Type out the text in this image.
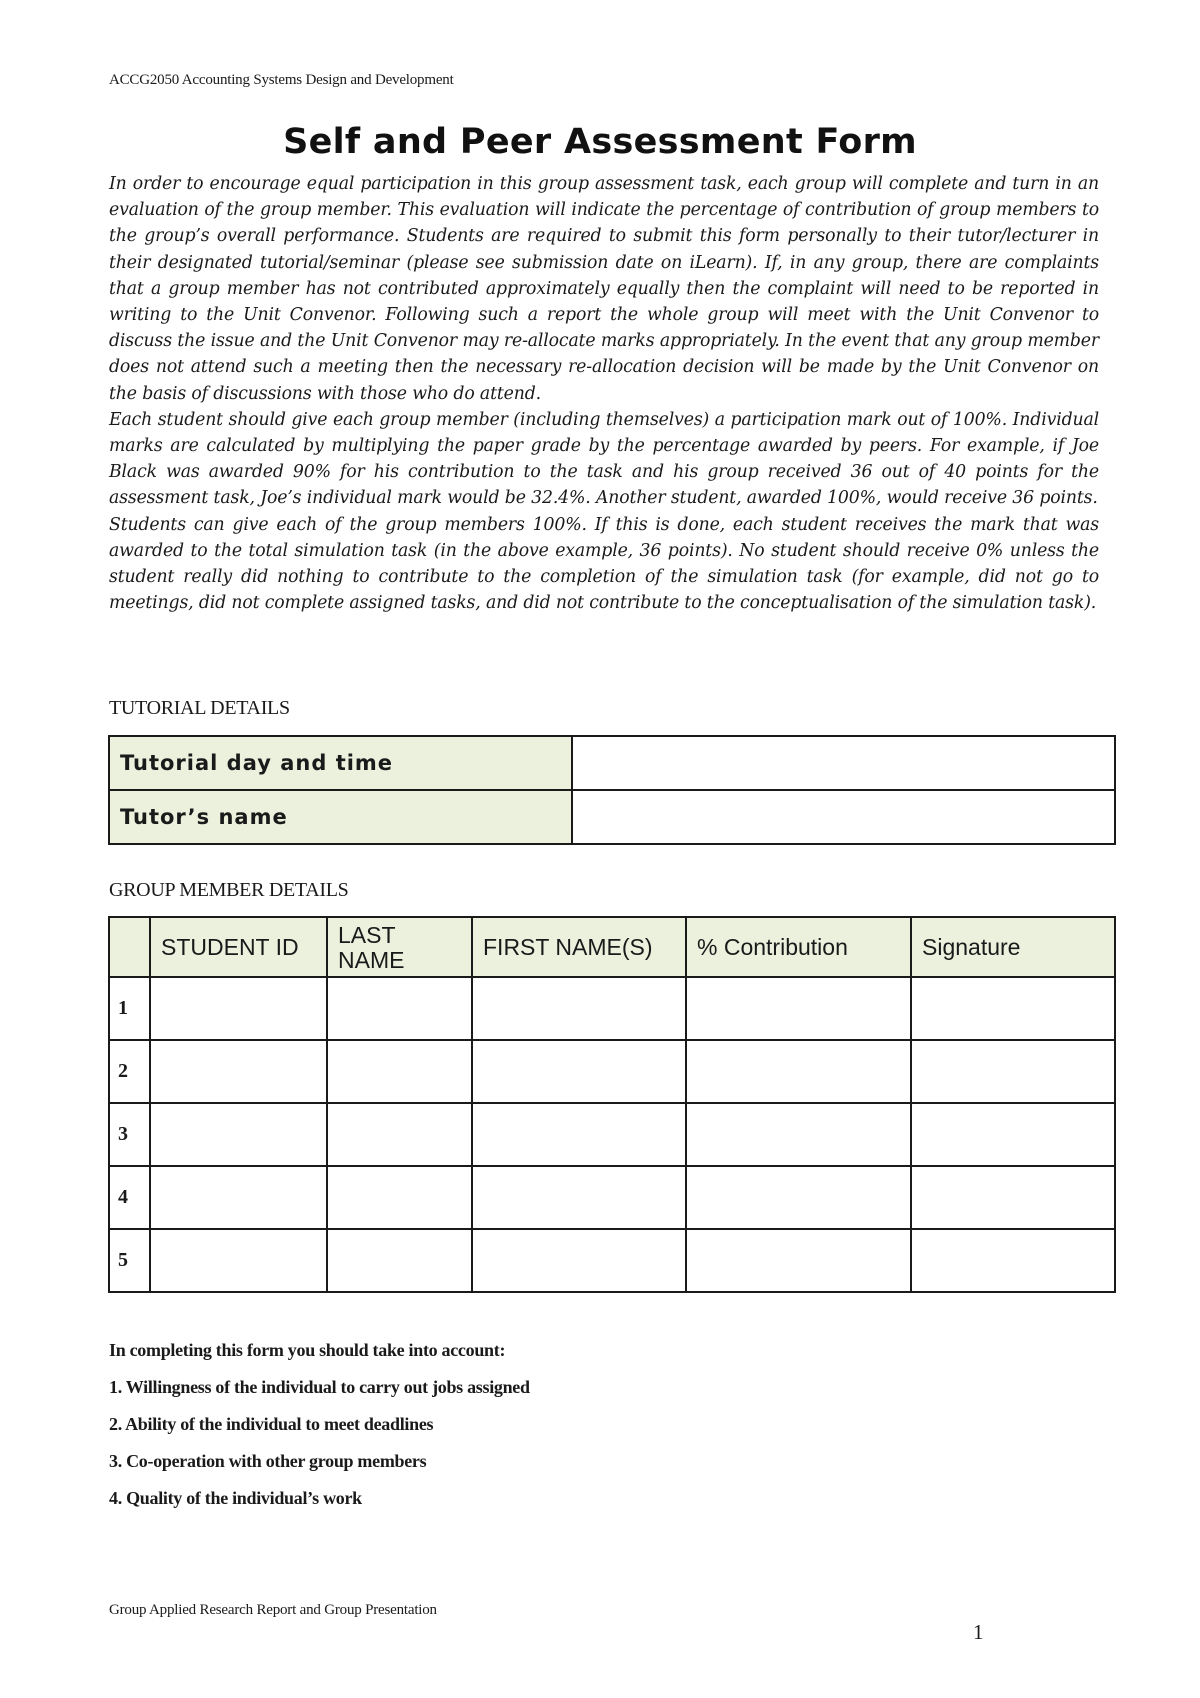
ACCG2050 Accounting Systems Design and Development
Self and Peer Assessment Form

In order to encourage equal participation in this group assessment task, each group will complete and turn in an evaluation of the group member. This evaluation will indicate the percentage of contribution of group members to the group’s overall performance. Students are required to submit this form personally to their tutor/lecturer in their designated tutorial/seminar (please see submission date on iLearn). If, in any group, there are complaints that a group member has not contributed approximately equally then the complaint will need to be reported in writing to the Unit Convenor. Following such a report the whole group will meet with the Unit Convenor to discuss the issue and the Unit Convenor may re-allocate marks appropriately. In the event that any group member does not attend such a meeting then the necessary re-allocation decision will be made by the Unit Convenor on the basis of discussions with those who do attend.

Each student should give each group member (including themselves) a participation mark out of 100%. Individual marks are calculated by multiplying the paper grade by the percentage awarded by peers. For example, if Joe Black was awarded 90% for his contribution to the task and his group received 36 out of 40 points for the assessment task, Joe’s individual mark would be 32.4%. Another student, awarded 100%, would receive 36 points.

Students can give each of the group members 100%. If this is done, each student receives the mark that was awarded to the total simulation task (in the above example, 36 points). No student should receive 0% unless the student really did nothing to contribute to the completion of the simulation task (for example, did not go to meetings, did not complete assigned tasks, and did not contribute to the conceptualisation of the simulation task).

TUTORIAL DETAILS
Tutorial day and time	
Tutor’s name	
GROUP MEMBER DETAILS
	STUDENT ID	LAST NAME	FIRST NAME(S)	% Contribution	Signature
1					
2					
3					
4					
5					
In completing this form you should take into account:
1. Willingness of the individual to carry out jobs assigned
2. Ability of the individual to meet deadlines
3. Co-operation with other group members
4. Quality of the individual’s work
Group Applied Research Report and Group Presentation
1
